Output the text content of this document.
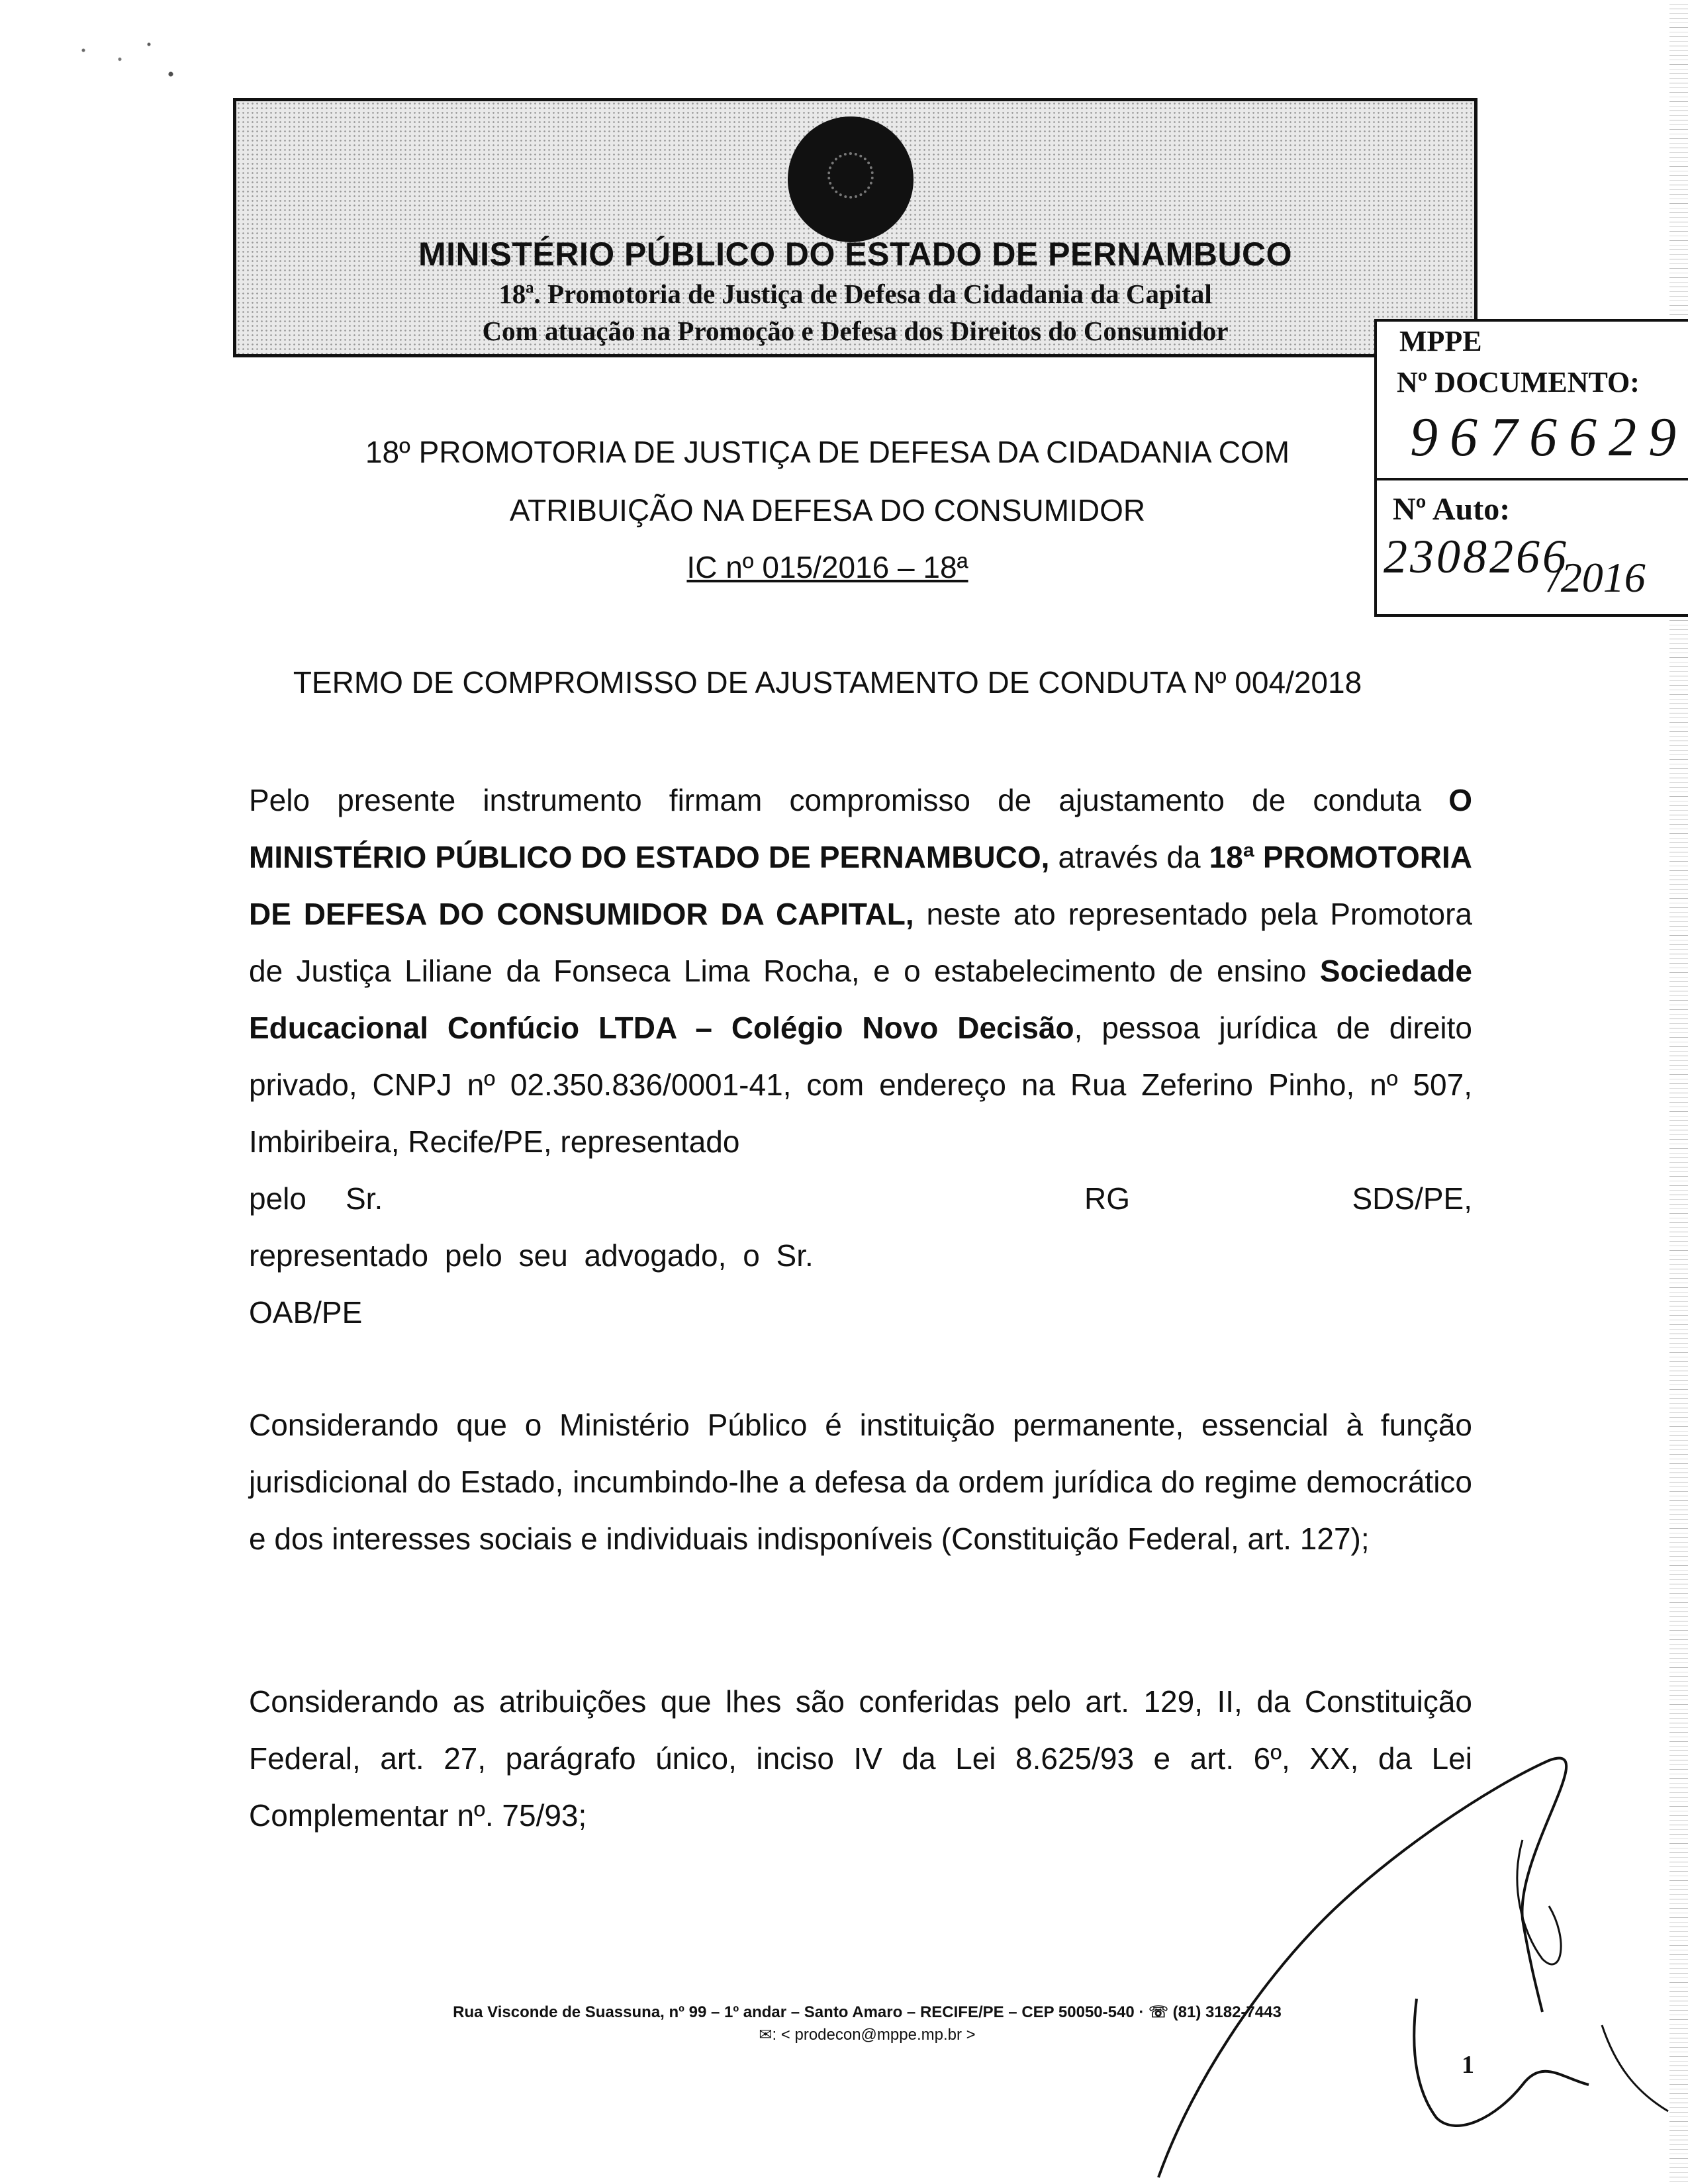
MINISTÉRIO PÚBLICO DO ESTADO DE PERNAMBUCO
18ª. Promotoria de Justiça de Defesa da Cidadania da Capital
Com atuação na Promoção e Defesa dos Direitos do Consumidor	MPPE
Nº DOCUMENTO:
9676629
Nº Auto:
2308266
/2016
18º PROMOTORIA DE JUSTIÇA DE DEFESA DA CIDADANIA COM
ATRIBUIÇÃO NA DEFESA DO CONSUMIDOR
IC nº 015/2016 – 18ª
TERMO DE COMPROMISSO DE AJUSTAMENTO DE CONDUTA Nº 004/2018
Pelo presente instrumento firmam compromisso de ajustamento de conduta O MINISTÉRIO PÚBLICO DO ESTADO DE PERNAMBUCO, através da 18ª PROMOTORIA DE DEFESA DO CONSUMIDOR DA CAPITAL, neste ato representado pela Promotora de Justiça Liliane da Fonseca Lima Rocha, e o estabelecimento de ensino Sociedade Educacional Confúcio LTDA – Colégio Novo Decisão, pessoa jurídica de direito privado, CNPJ nº 02.350.836/0001-41, com endereço na Rua Zeferino Pinho, nº 507, Imbiribeira, Recife/PE, representado
pelo Sr.	RG	SDS/PE,
representado pelo seu advogado, o Sr.
OAB/PE
Considerando que o Ministério Público é instituição permanente, essencial à função jurisdicional do Estado, incumbindo-lhe a defesa da ordem jurídica do regime democrático e dos interesses sociais e individuais indisponíveis (Constituição Federal, art. 127);
Considerando as atribuições que lhes são conferidas pelo art. 129, II, da Constituição Federal, art. 27, parágrafo único, inciso IV da Lei 8.625/93 e art. 6º, XX, da Lei Complementar nº. 75/93;
Rua Visconde de Suassuna, nº 99 – 1º andar – Santo Amaro – RECIFE/PE – CEP 50050-540 · ☏ (81) 3182-7443
✉: < prodecon@mppe.mp.br >
1
